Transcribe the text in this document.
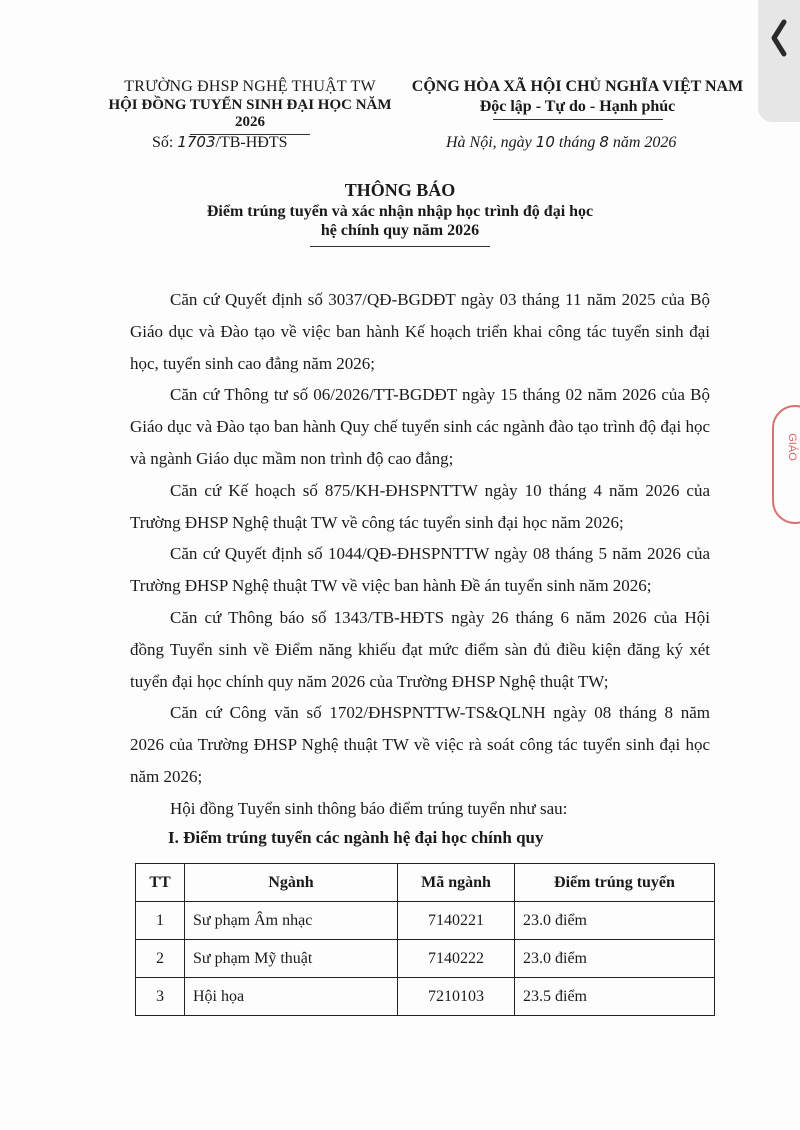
GIÁO
TRƯỜNG ĐHSP NGHỆ THUẬT TW
HỘI ĐỒNG TUYỂN SINH ĐẠI HỌC NĂM 2026
CỘNG HÒA XÃ HỘI CHỦ NGHĨA VIỆT NAM
Độc lập - Tự do - Hạnh phúc
Số: 1703/TB-HĐTS	Hà Nội, ngày 10 tháng 8 năm 2026
THÔNG BÁO
Điểm trúng tuyển và xác nhận nhập học trình độ đại học
hệ chính quy năm 2026

Căn cứ Quyết định số 3037/QĐ-BGDĐT ngày 03 tháng 11 năm 2025 của Bộ Giáo dục và Đào tạo về việc ban hành Kế hoạch triển khai công tác tuyển sinh đại học, tuyển sinh cao đẳng năm 2026;

Căn cứ Thông tư số 06/2026/TT-BGDĐT ngày 15 tháng 02 năm 2026 của Bộ Giáo dục và Đào tạo ban hành Quy chế tuyển sinh các ngành đào tạo trình độ đại học và ngành Giáo dục mầm non trình độ cao đẳng;

Căn cứ Kế hoạch số 875/KH-ĐHSPNTTW ngày 10 tháng 4 năm 2026 của Trường ĐHSP Nghệ thuật TW về công tác tuyển sinh đại học năm 2026;

Căn cứ Quyết định số 1044/QĐ-ĐHSPNTTW ngày 08 tháng 5 năm 2026 của Trường ĐHSP Nghệ thuật TW về việc ban hành Đề án tuyển sinh năm 2026;

Căn cứ Thông báo số 1343/TB-HĐTS ngày 26 tháng 6 năm 2026 của Hội đồng Tuyển sinh về Điểm năng khiếu đạt mức điểm sàn đủ điều kiện đăng ký xét tuyển đại học chính quy năm 2026 của Trường ĐHSP Nghệ thuật TW;

Căn cứ Công văn số 1702/ĐHSPNTTW-TS&QLNH ngày 08 tháng 8 năm 2026 của Trường ĐHSP Nghệ thuật TW về việc rà soát công tác tuyển sinh đại học năm 2026;

Hội đồng Tuyển sinh thông báo điểm trúng tuyển như sau:

I. Điểm trúng tuyển các ngành hệ đại học chính quy
TT	Ngành	Mã ngành	Điểm trúng tuyển
1	Sư phạm Âm nhạc	7140221	23.0 điểm
2	Sư phạm Mỹ thuật	7140222	23.0 điểm
3	Hội họa	7210103	23.5 điểm
